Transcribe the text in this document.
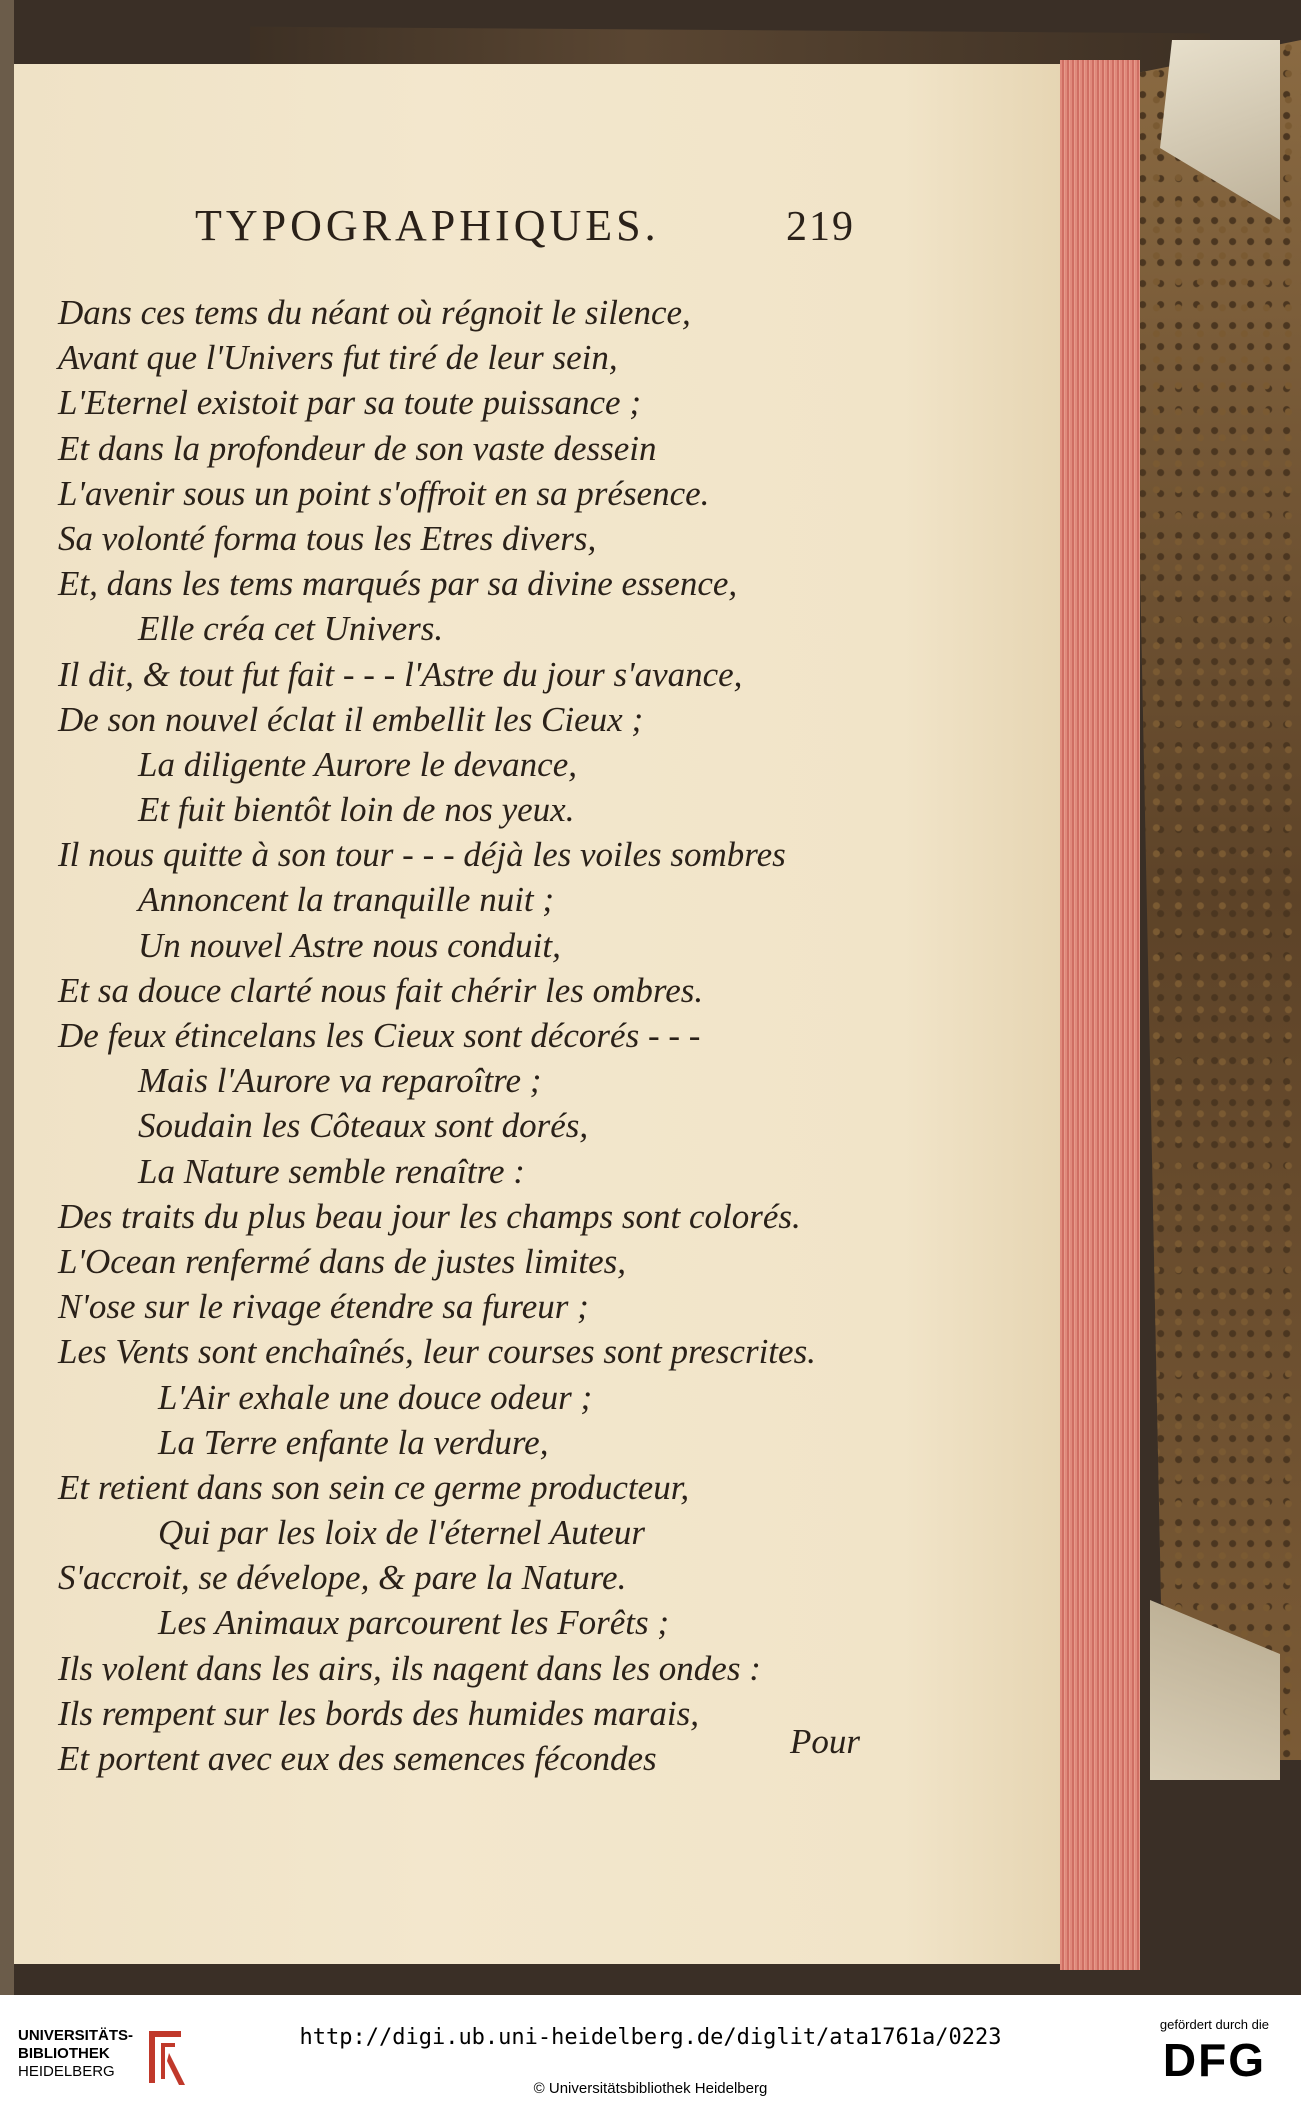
TYPOGRAPHIQUES.	219
Dans ces tems du néant où régnoit le silence,
Avant que l'Univers fut tiré de leur sein,
L'Eternel existoit par sa toute puissance ;
Et dans la profondeur de son vaste dessein
L'avenir sous un point s'offroit en sa présence.
Sa volonté forma tous les Etres divers,
Et, dans les tems marqués par sa divine essence,
Elle créa cet Univers.
Il dit, & tout fut fait - - - l'Astre du jour s'avance,
De son nouvel éclat il embellit les Cieux ;
La diligente Aurore le devance,
Et fuit bientôt loin de nos yeux.
Il nous quitte à son tour - - - déjà les voiles sombres
Annoncent la tranquille nuit ;
Un nouvel Astre nous conduit,
Et sa douce clarté nous fait chérir les ombres.
De feux étincelans les Cieux sont décorés - - -
Mais l'Aurore va reparoître ;
Soudain les Côteaux sont dorés,
La Nature semble renaître :
Des traits du plus beau jour les champs sont colorés.
L'Ocean renfermé dans de justes limites,
N'ose sur le rivage étendre sa fureur ;
Les Vents sont enchaînés, leur courses sont prescrites.
L'Air exhale une douce odeur ;
La Terre enfante la verdure,
Et retient dans son sein ce germe producteur,
Qui par les loix de l'éternel Auteur
S'accroit, se dévelope, & pare la Nature.
Les Animaux parcourent les Forêts ;
Ils volent dans les airs, ils nagent dans les ondes :
Ils rempent sur les bords des humides marais,
Et portent avec eux des semences fécondes	Pour
UNIVERSITÄTS-
BIBLIOTHEK
HEIDELBERG
http://digi.ub.uni-heidelberg.de/diglit/ata1761a/0223
© Universitätsbibliothek Heidelberg
gefördert durch die
DFG
